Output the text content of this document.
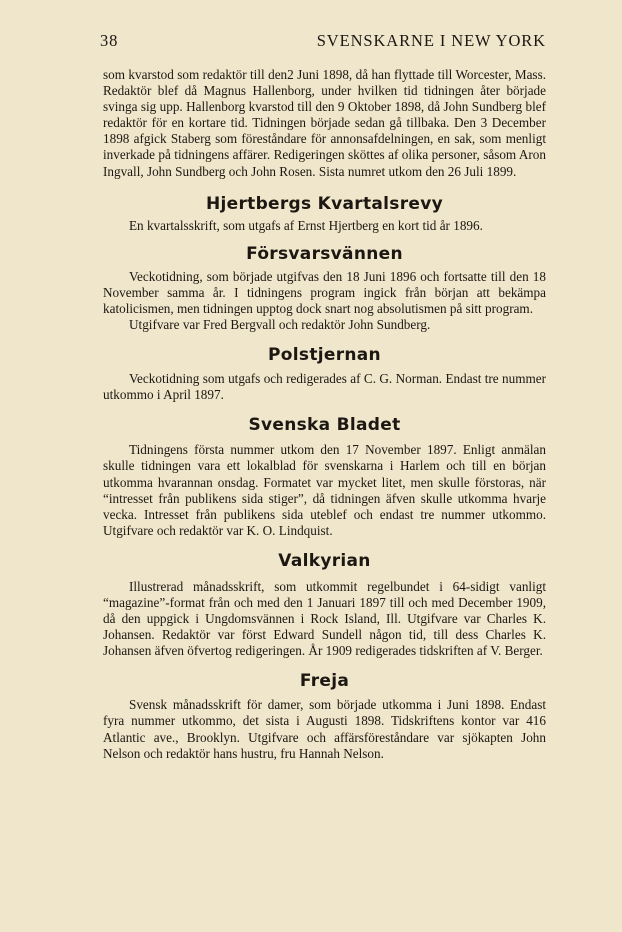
38	SVENSKARNE I NEW YORK

som kvarstod som redaktör till den2 Juni 1898, då han flyttade till Worcester, Mass. Redaktör blef då Magnus Hallenborg, under hvilken tid tidningen åter började svinga sig upp. Hallenborg kvarstod till den 9 Oktober 1898, då John Sundberg blef redaktör för en kortare tid. Tidningen började sedan gå tillbaka. Den 3 December 1898 afgick Staberg som föreståndare för annonsafdelningen, en sak, som menligt inverkade på tidningens affärer. Redigeringen sköttes af olika personer, såsom Aron Ingvall, John Sundberg och John Rosen. Sista numret utkom den 26 Juli 1899.

Hjertbergs Kvartalsrevy

En kvartalsskrift, som utgafs af Ernst Hjertberg en kort tid år 1896.

Försvarsvännen

Veckotidning, som började utgifvas den 18 Juni 1896 och fortsatte till den 18 November samma år. I tidningens program ingick från början att bekämpa katolicismen, men tidningen upptog dock snart nog absolutismen på sitt program.

Utgifvare var Fred Bergvall och redaktör John Sundberg.

Polstjernan

Veckotidning som utgafs och redigerades af C. G. Norman. Endast tre nummer utkommo i April 1897.

Svenska Bladet

Tidningens första nummer utkom den 17 November 1897. Enligt anmälan skulle tidningen vara ett lokalblad för svenskarna i Harlem och till en början utkomma hvarannan onsdag. Formatet var mycket litet, men skulle förstoras, när “intresset från publikens sida stiger”, då tidningen äfven skulle utkomma hvarje vecka. Intresset från publikens sida uteblef och endast tre nummer utkommo. Utgifvare och redaktör var K. O. Lindquist.

Valkyrian

Illustrerad månadsskrift, som utkommit regelbundet i 64-sidigt vanligt “magazine”-format från och med den 1 Januari 1897 till och med December 1909, då den uppgick i Ungdomsvännen i Rock Island, Ill. Utgifvare var Charles K. Johansen. Redaktör var först Edward Sundell någon tid, till dess Charles K. Johansen äfven öfvertog redigeringen. År 1909 redigerades tidskriften af V. Berger.

Freja

Svensk månadsskrift för damer, som började utkomma i Juni 1898. Endast fyra nummer utkommo, det sista i Augusti 1898. Tidskriftens kontor var 416 Atlantic ave., Brooklyn. Utgifvare och affärsföreståndare var sjökapten John Nelson och redaktör hans hustru, fru Hannah Nelson.
